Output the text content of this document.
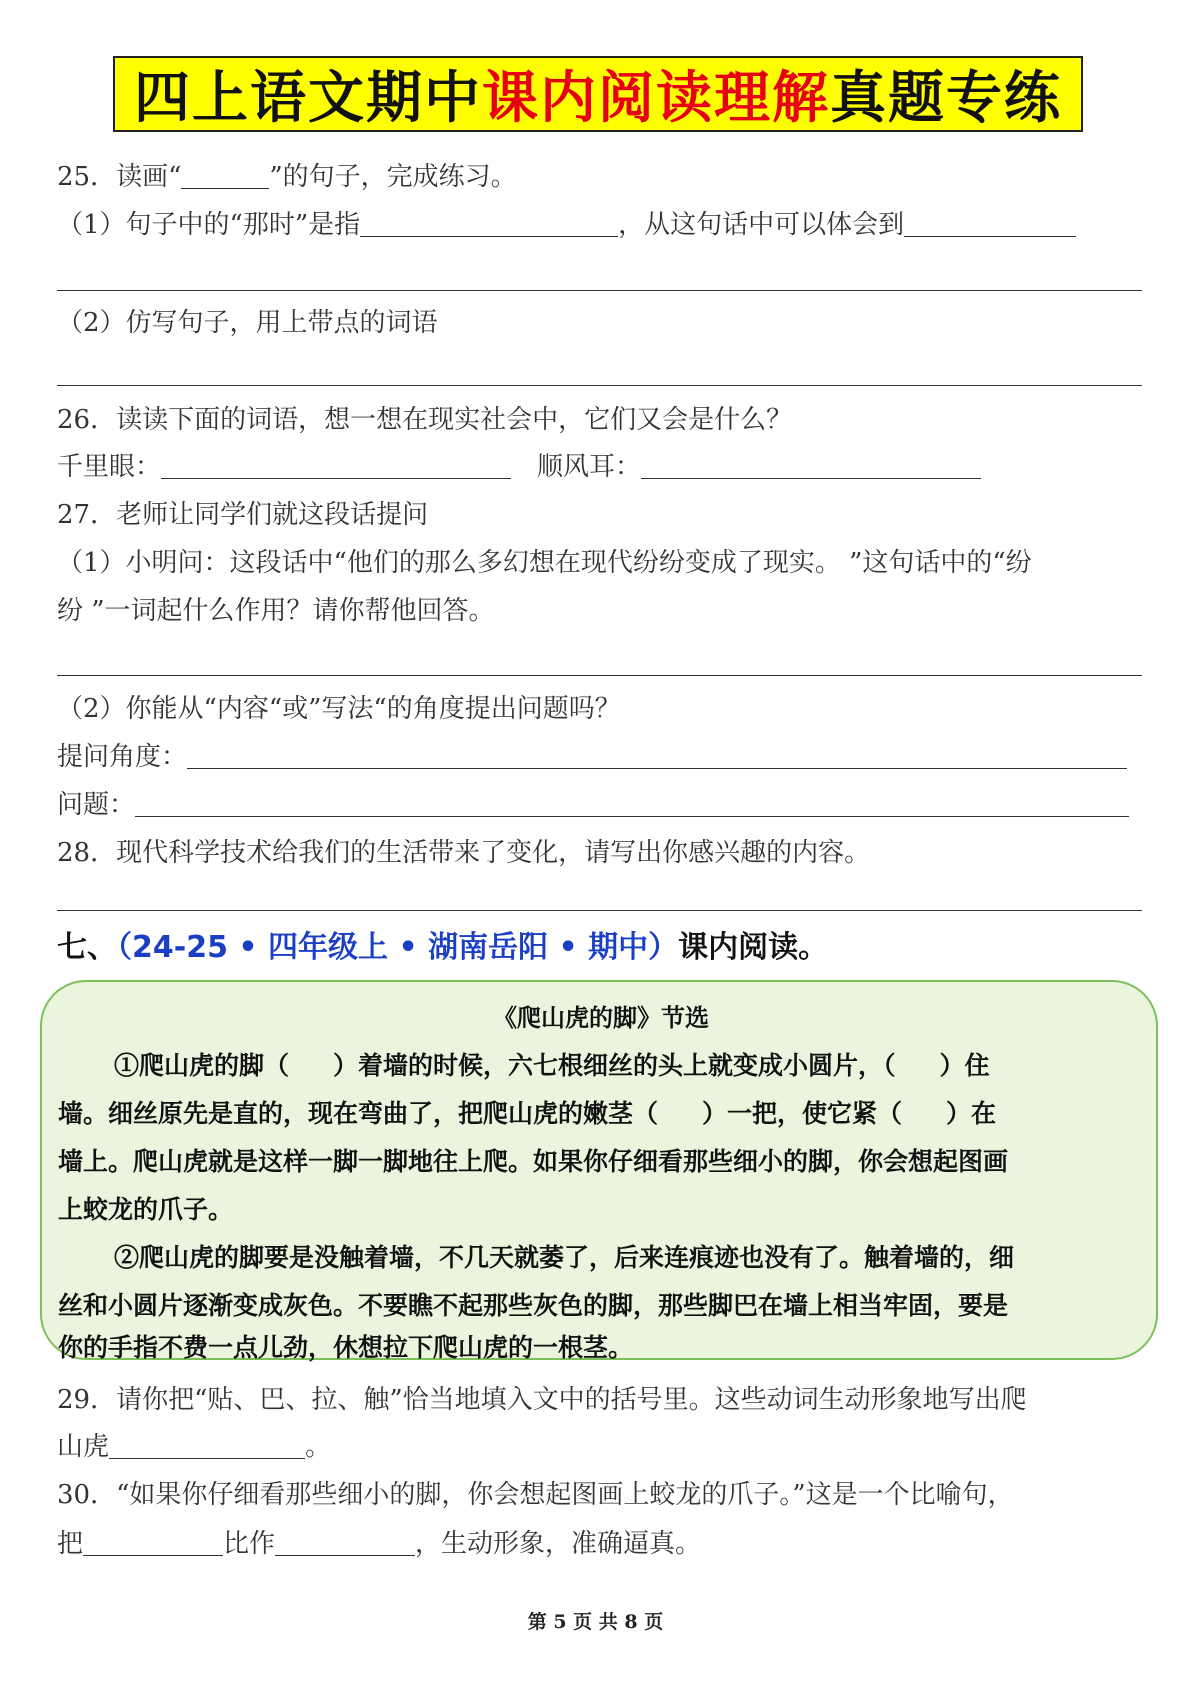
四上语文期中 课内阅读理解 真题专练
25．读画“	”的句子，完成练习。
（1）句子中的“那时”是指	，从这句话中可以体会到
（2）仿写句子，用上带点的词语
26．读读下面的词语，想一想在现实社会中，它们又会是什么？
千里眼：	顺风耳：
27．老师让同学们就这段话提问
（1）小明问：这段话中“他们的那么多幻想在现代纷纷变成了现实。 ”这句话中的“纷
纷 ”一词起什么作用？请你帮他回答。
（2）你能从“内容“或”写法“的角度提出问题吗？
提问角度：
问题：
28．现代科学技术给我们的生活带来了变化，请写出你感兴趣的内容。
七、（24-25 • 四年级上 • 湖南岳阳 • 期中）课内阅读。
《爬山虎的脚》节选
①爬山虎的脚（ ）着墙的时候，六七根细丝的头上就变成小圆片，（ ）住
墙。细丝原先是直的，现在弯曲了，把爬山虎的嫩茎（ ）一把，使它紧（ ）在
墙上。爬山虎就是这样一脚一脚地往上爬。如果你仔细看那些细小的脚，你会想起图画
上蛟龙的爪子。
②爬山虎的脚要是没触着墙，不几天就萎了，后来连痕迹也没有了。触着墙的，细
丝和小圆片逐渐变成灰色。不要瞧不起那些灰色的脚，那些脚巴在墙上相当牢固，要是
你的手指不费一点儿劲，休想拉下爬山虎的一根茎。
29．请你把“贴、巴、拉、触”恰当地填入文中的括号里。这些动词生动形象地写出爬
山虎	。
30．“如果你仔细看那些细小的脚，你会想起图画上蛟龙的爪子。”这是一个比喻句，
把	比作	，生动形象，准确逼真。
第 5 页 共 8 页
